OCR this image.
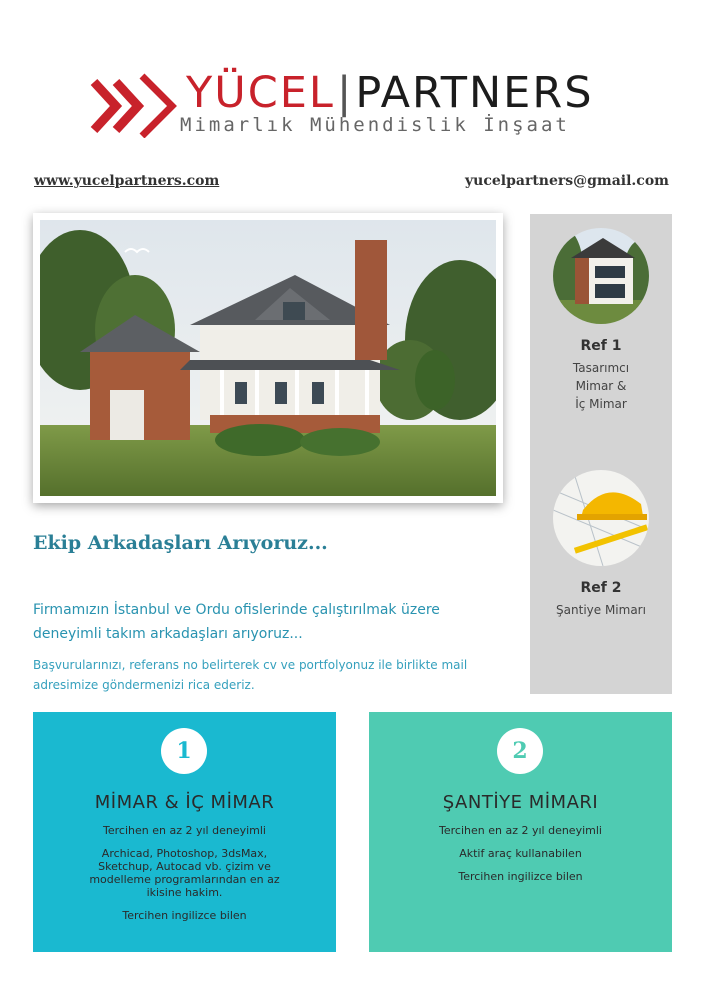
YÜCEL|PARTNERS
Mimarlık Mühendislik İnşaat
www.yucelpartners.com	yucelpartners@gmail.com
Ref 1
Tasarımcı
Mimar &
İç Mimar
Ref 2
Şantiye Mimarı
Ekip Arkadaşları Arıyoruz...
Firmamızın İstanbul ve Ordu ofislerinde çalıştırılmak üzere
deneyimli takım arkadaşları arıyoruz...
Başvurularınızı, referans no belirterek cv ve portfolyonuz ile birlikte mail
adresimize göndermenizi rica ederiz.
1
MİMAR & İÇ MİMAR

Tercihen en az 2 yıl deneyimli

Archicad, Photoshop, 3dsMax, Sketchup, Autocad vb. çizim ve modelleme programlarından en az ikisine hakim.

Tercihen ingilizce bilen

2
ŞANTİYE MİMARI

Tercihen en az 2 yıl deneyimli

Aktif araç kullanabilen

Tercihen ingilizce bilen
